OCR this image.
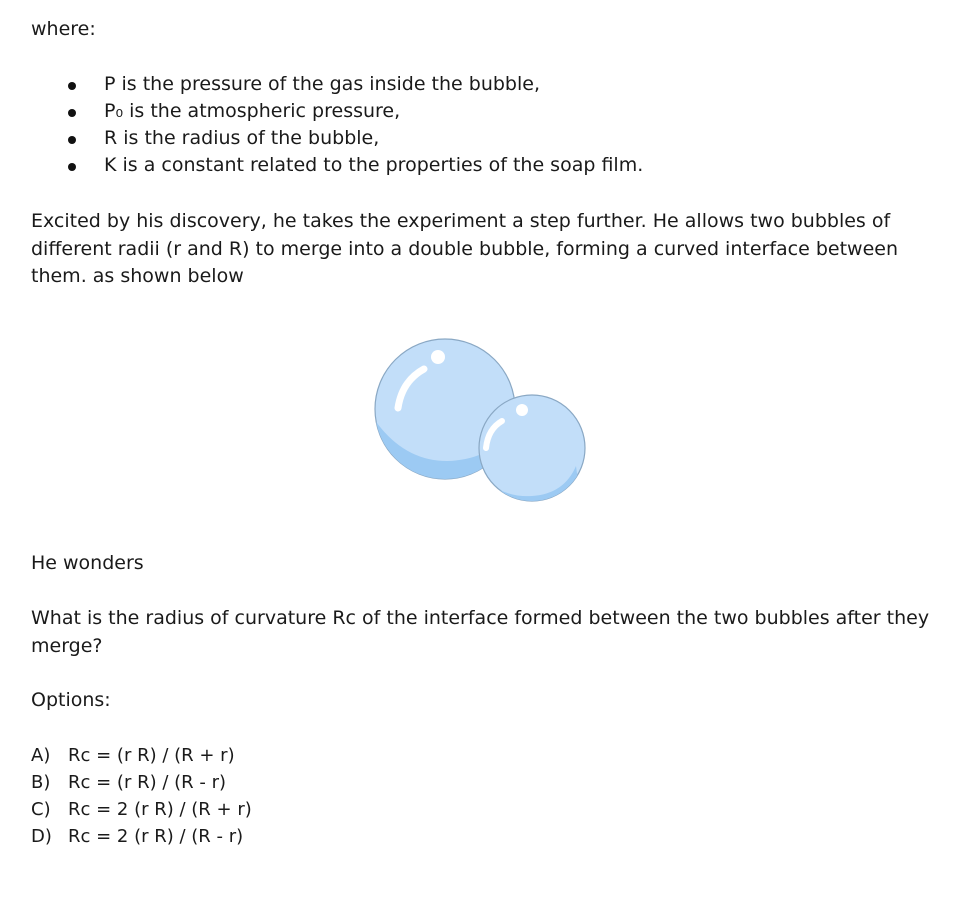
where:
P is the pressure of the gas inside the bubble,
P₀ is the atmospheric pressure,
R is the radius of the bubble,
K is a constant related to the properties of the soap film.
Excited by his discovery, he takes the experiment a step further. He allows two bubbles of
different radii (r and R) to merge into a double bubble, forming a curved interface between
them. as shown below
He wonders
What is the radius of curvature Rc of the interface formed between the two bubbles after they
merge?
Options:
A) Rc = (r R) / (R + r)
B) Rc = (r R) / (R - r)
C) Rc = 2 (r R) / (R + r)
D) Rc = 2 (r R) / (R - r)
